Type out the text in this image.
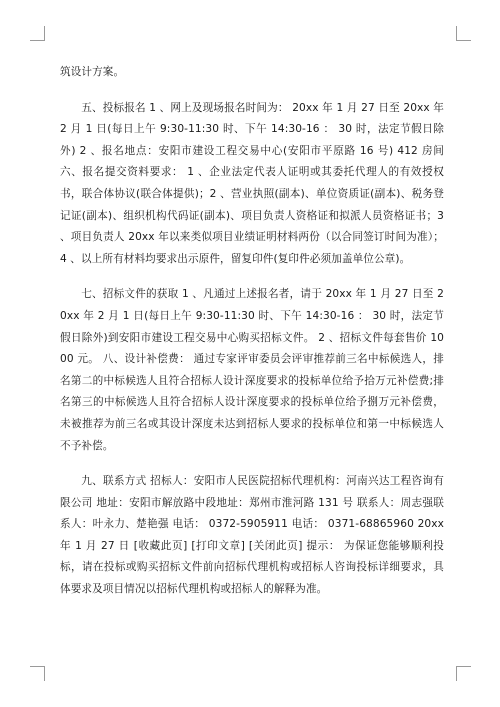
筑设计方案。

五、投标报名 1 、网上及现场报名时间为： 20xx 年 1 月 27 日至 20xx 年 2 月 1 日(每日上午 9:30-11:30 时、下午 14:30-16 ： 30 时，法定节假日除外) 2 、报名地点：安阳市建设工程交易中心(安阳市平原路 16 号) 412 房间 六、报名提交资料要求： 1 、企业法定代表人证明或其委托代理人的有效授权书，联合体协议(联合体提供)；2 、营业执照(副本)、单位资质证(副本)、税务登记证(副本)、组织机构代码证(副本)、项目负责人资格证和拟派人员资格证书；3 、项目负责人 20xx 年以来类似项目业绩证明材料两份（以合同签订时间为准）；4 、以上所有材料均要求出示原件，留复印件(复印件必须加盖单位公章)。

七、招标文件的获取 1 、凡通过上述报名者，请于 20xx 年 1 月 27 日至 20xx 年 2 月 1 日(每日上午 9:30-11:30 时、下午 14:30-16 ： 30 时，法定节假日除外)到安阳市建设工程交易中心购买招标文件。 2 、招标文件每套售价 1000 元。 八、设计补偿费： 通过专家评审委员会评审推荐前三名中标候选人，排名第二的中标候选人且符合招标人设计深度要求的投标单位给予拾万元补偿费;排名第三的中标候选人且符合招标人设计深度要求的投标单位给予捌万元补偿费，未被推荐为前三名或其设计深度未达到招标人要求的投标单位和第一中标候选人不予补偿。

九、联系方式 招标人：安阳市人民医院招标代理机构：河南兴达工程咨询有限公司 地址：安阳市解放路中段地址：郑州市淮河路 131 号 联系人：周志强联系人：叶永力、楚艳强 电话： 0372-5905911 电话： 0371-68865960 20xx 年 1 月 27 日 [收藏此页] [打印文章] [关闭此页] 提示： 为保证您能够顺利投标，请在投标或购买招标文件前向招标代理机构或招标人咨询投标详细要求，具体要求及项目情况以招标代理机构或招标人的解释为准。
